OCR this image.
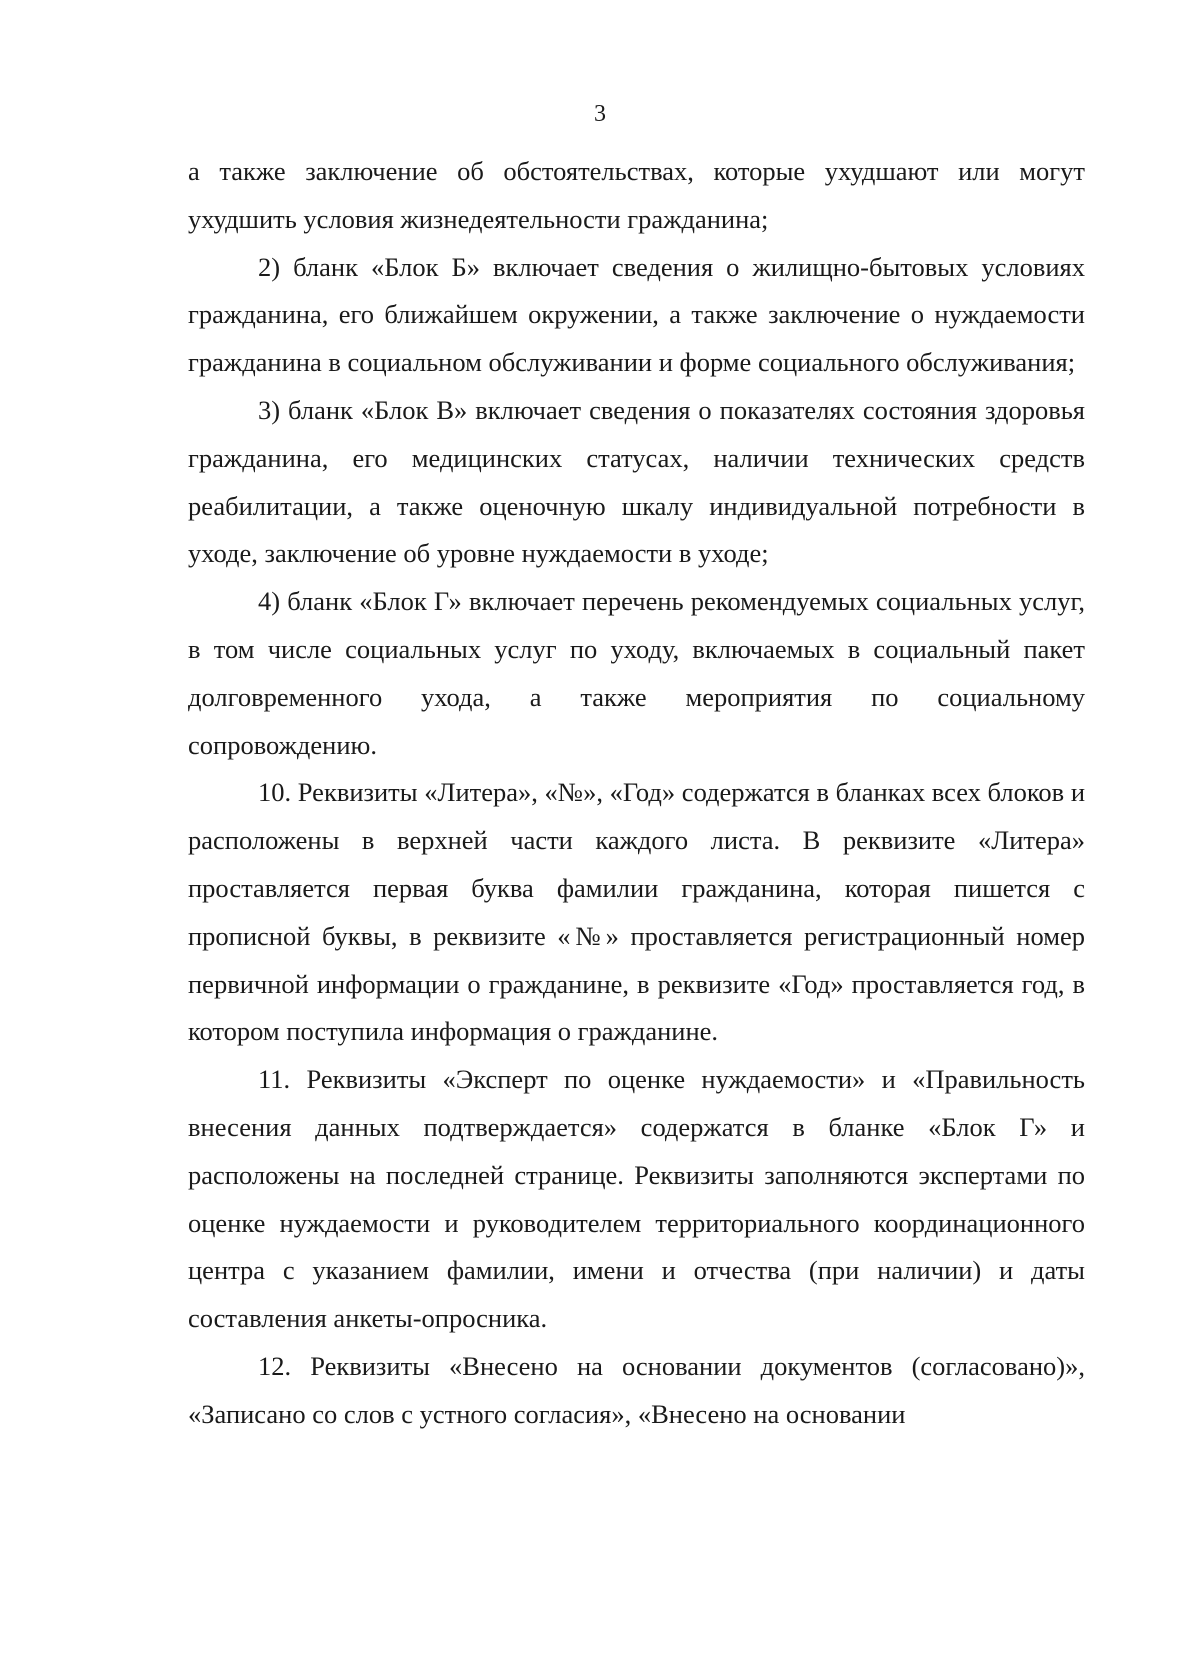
3

а также заключение об обстоятельствах, которые ухудшают или могут ухудшить условия жизнедеятельности гражданина;

2) бланк «Блок Б» включает сведения о жилищно-бытовых условиях гражданина, его ближайшем окружении, а также заключение о нуждаемости гражданина в социальном обслуживании и форме социального обслуживания;

3) бланк «Блок В» включает сведения о показателях состояния здоровья гражданина, его медицинских статусах, наличии технических средств реабилитации, а также оценочную шкалу индивидуальной потребности в уходе, заключение об уровне нуждаемости в уходе;

4) бланк «Блок Г» включает перечень рекомендуемых социальных услуг, в том числе социальных услуг по уходу, включаемых в социальный пакет долговременного ухода, а также мероприятия по социальному сопровождению.

10. Реквизиты «Литера», «№», «Год» содержатся в бланках всех блоков и расположены в верхней части каждого листа. В реквизите «Литера» проставляется первая буква фамилии гражданина, которая пишется с прописной буквы, в реквизите «№» проставляется регистрационный номер первичной информации о гражданине, в реквизите «Год» проставляется год, в котором поступила информация о гражданине.

11. Реквизиты «Эксперт по оценке нуждаемости» и «Правильность внесения данных подтверждается» содержатся в бланке «Блок Г» и расположены на последней странице. Реквизиты заполняются экспертами по оценке нуждаемости и руководителем территориального координационного центра с указанием фамилии, имени и отчества (при наличии) и даты составления анкеты-опросника.

12. Реквизиты «Внесено на основании документов (согласовано)», «Записано со слов с устного согласия», «Внесено на основании
